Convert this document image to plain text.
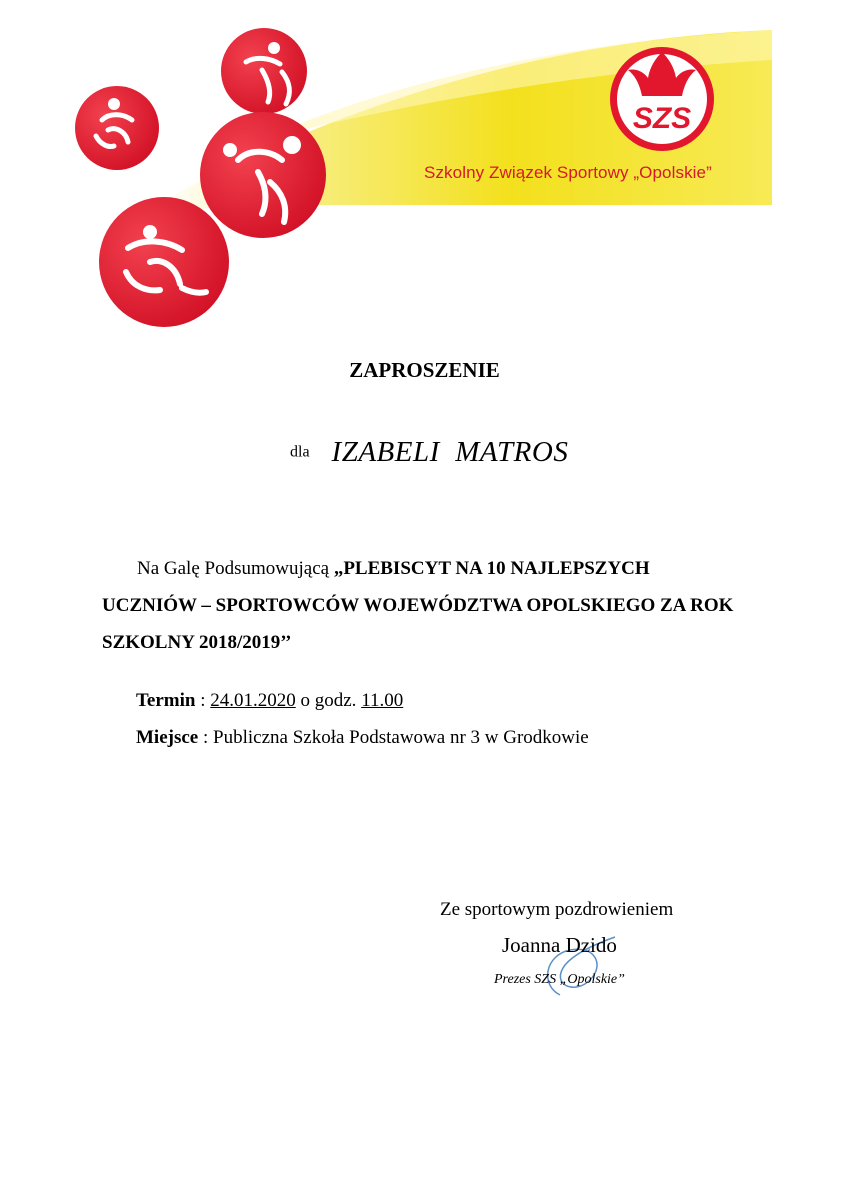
SZS
Szkolny Związek Sportowy „Opolskie”
ZAPROSZENIE
dla IZABELI  MATROS
Na Galę Podsumowującą „PLEBISCYT NA 10 NAJLEPSZYCH UCZNIÓW – SPORTOWCÓW WOJEWÓDZTWA OPOLSKIEGO ZA ROK SZKOLNY 2018/2019’’
Termin : 24.01.2020 o godz. 11.00
Miejsce : Publiczna Szkoła Podstawowa nr 3 w Grodkowie
Ze sportowym pozdrowieniem
Joanna Dzido
Prezes SZS „Opolskie”
